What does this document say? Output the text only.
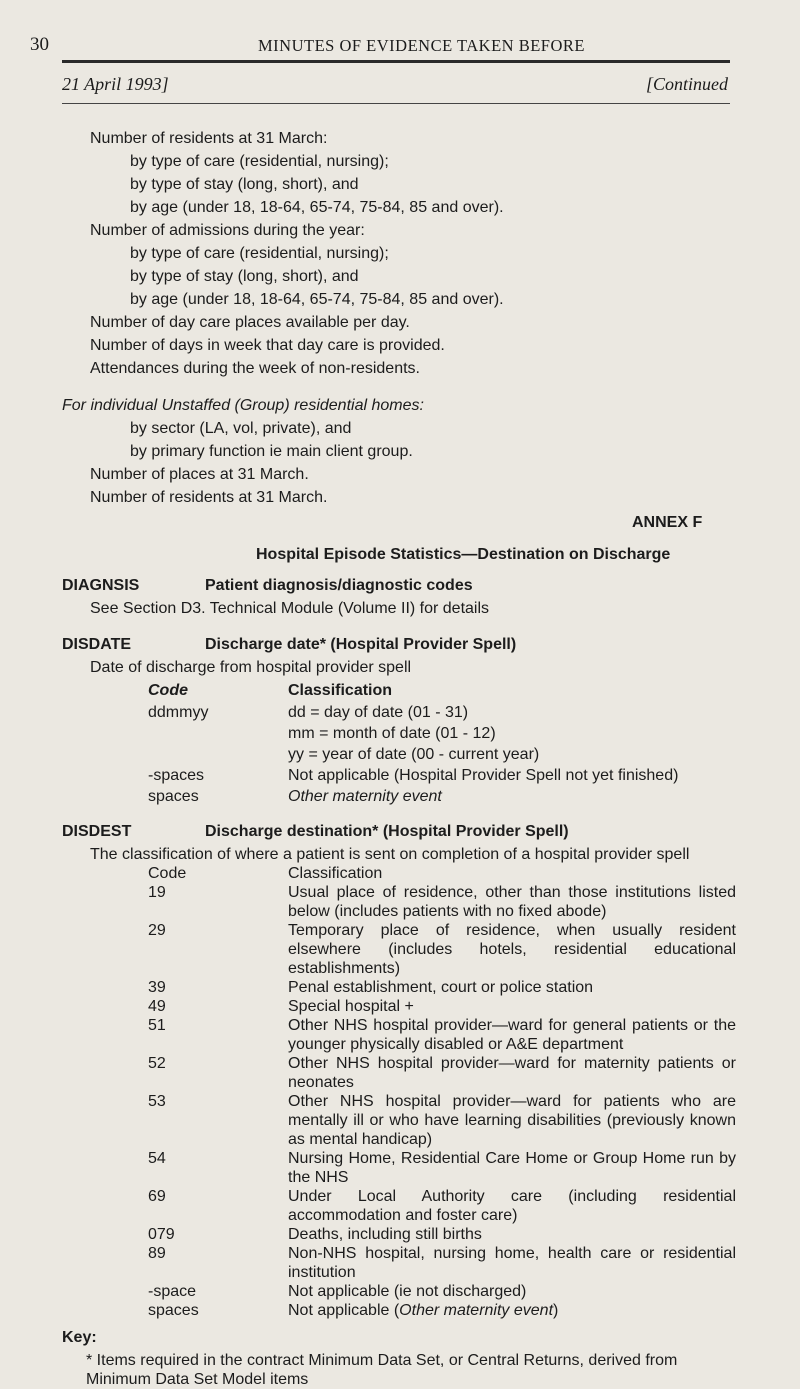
30	MINUTES OF EVIDENCE TAKEN BEFORE
21 April 1993]	[Continued
Number of residents at 31 March:
by type of care (residential, nursing);
by type of stay (long, short), and
by age (under 18, 18-64, 65-74, 75-84, 85 and over).
Number of admissions during the year:
by type of care (residential, nursing);
by type of stay (long, short), and
by age (under 18, 18-64, 65-74, 75-84, 85 and over).
Number of day care places available per day.
Number of days in week that day care is provided.
Attendances during the week of non-residents.
For individual Unstaffed (Group) residential homes:
by sector (LA, vol, private), and
by primary function ie main client group.
Number of places at 31 March.
Number of residents at 31 March.
ANNEX F
Hospital Episode Statistics—Destination on Discharge
DIAGNSIS	Patient diagnosis/diagnostic codes
See Section D3. Technical Module (Volume II) for details
DISDATE	Discharge date* (Hospital Provider Spell)
Date of discharge from hospital provider spell
Code	Classification
ddmmyy	dd = day of date (01 - 31)
mm = month of date (01 - 12)
yy = year of date (00 - current year)
-spaces	Not applicable (Hospital Provider Spell not yet finished)
spaces	Other maternity event
DISDEST	Discharge destination* (Hospital Provider Spell)
The classification of where a patient is sent on completion of a hospital provider spell
Code	Classification
19	Usual place of residence, other than those institutions listed below (includes patients with no fixed abode)
29	Temporary place of residence, when usually resident elsewhere (includes hotels, residential educational establishments)
39	Penal establishment, court or police station
49	Special hospital +
51	Other NHS hospital provider—ward for general patients or the younger physically disabled or A&E department
52	Other NHS hospital provider—ward for maternity patients or neonates
53	Other NHS hospital provider—ward for patients who are mentally ill or who have learning disabilities (previously known as mental handicap)
54	Nursing Home, Residential Care Home or Group Home run by the NHS
69	Under Local Authority care (including residential accommodation and foster care)
079	Deaths, including still births
89	Non-NHS hospital, nursing home, health care or residential institution
-space	Not applicable (ie not discharged)
spaces	Not applicable (Other maternity event)
Key:
* Items required in the contract Minimum Data Set, or Central Returns, derived from Minimum Data Set Model items
